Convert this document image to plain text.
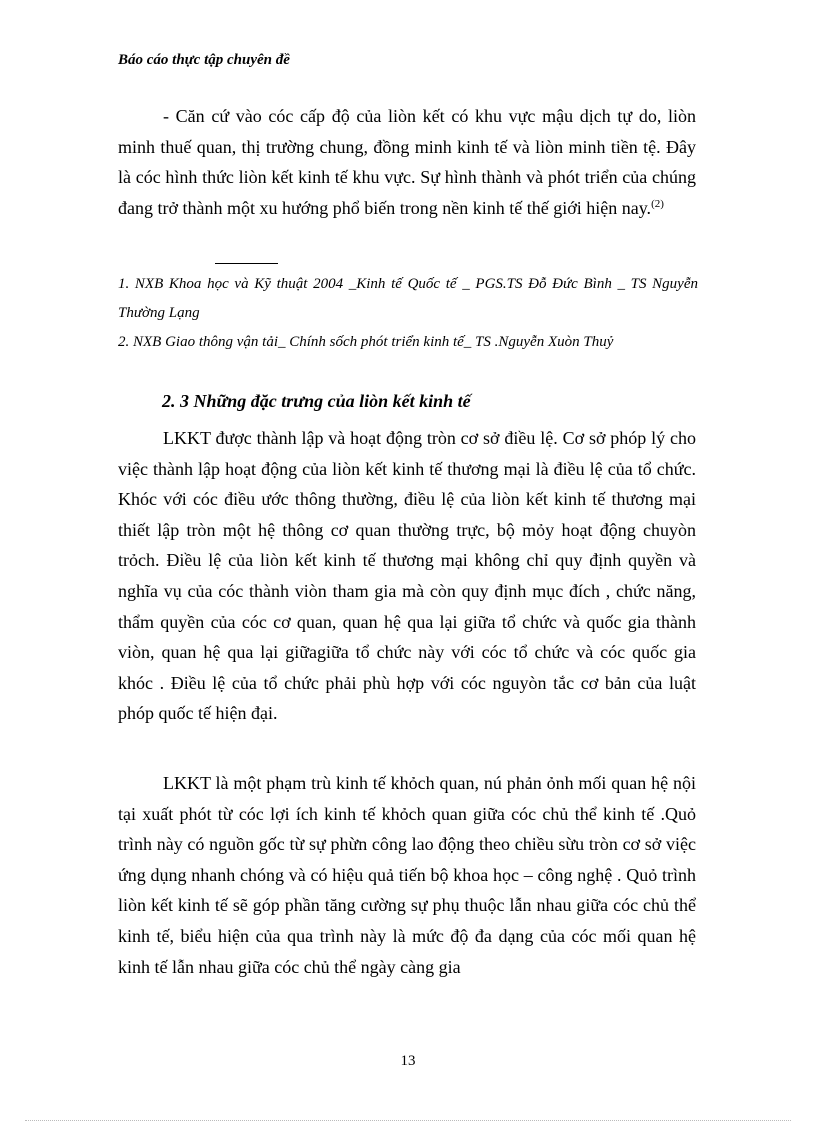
Báo cáo thực tập chuyên đề
- Căn cứ vào cóc cấp độ của liòn kết có khu vực mậu dịch tự do, liòn minh thuế quan, thị trường chung, đồng minh kinh tế và liòn minh tiền tệ. Đây là cóc hình thức liòn kết kinh tế khu vực. Sự hình thành và phót triển của chúng đang trở thành một xu hướng phổ biến trong nền kinh tế thế giới hiện nay.$^{(2)}$
1. NXB Khoa học và Kỹ thuật 2004 _Kinh tế Quốc tế _ PGS.TS Đỗ Đức Bình _ TS Nguyễn Thường Lạng
2. NXB Giao thông vận tải_ Chính sốch phót triển kinh tế_ TS .Nguyễn Xuòn Thuỷ
2. 3 Những đặc trưng của liòn kết kinh tế
LKKT được thành lập và hoạt động tròn cơ sở điều lệ. Cơ sở phóp lý cho việc thành lập hoạt động của liòn kết kinh tế thương mại là điều lệ của tổ chức. Khóc với cóc điều ước thông thường, điều lệ của liòn kết kinh tế thương mại thiết lập tròn một hệ thông cơ quan thường trực, bộ mỏy hoạt động chuyòn trỏch. Điều lệ của liòn kết kinh tế thương mại không chỉ quy định quyền và nghĩa vụ của cóc thành viòn tham gia mà còn quy định mục đích , chức năng, thẩm quyền của cóc cơ quan, quan hệ qua lại giữa tổ chức và quốc gia thành viòn, quan hệ qua lại giữagiữa tổ chức này với cóc tổ chức và cóc quốc gia khóc . Điều lệ của tổ chức phải phù hợp với cóc nguyòn tắc cơ bản của luật phóp quốc tế hiện đại.
LKKT là một phạm trù kinh tế khỏch quan, nú phản ỏnh mối quan hệ nội tại xuất phót từ cóc lợi ích kinh tế khỏch quan giữa cóc chủ thể kinh tế .Quỏ trình này có nguồn gốc từ sự phừn công lao động theo chiều sừu tròn cơ sở việc ứng dụng nhanh chóng và có hiệu quả tiến bộ khoa học – công nghệ . Quỏ trình liòn kết kinh tế sẽ góp phần tăng cường sự phụ thuộc lẫn nhau giữa cóc chủ thể kinh tế, biểu hiện của qua trình này là mức độ đa dạng của cóc mối quan hệ kinh tế lẫn nhau giữa cóc chủ thể ngày càng gia
13
